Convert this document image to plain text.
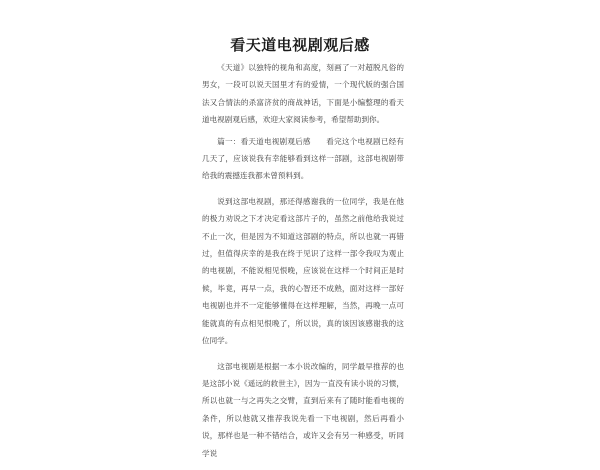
看天道电视剧观后感

《天道》以独特的视角和高度，刻画了一对超脱凡俗的男女，一段可以说天国里才有的爱情，一个现代版的强合国法又合情法的杀富济贫的商战神话，下面是小编整理的看天道电视剧观后感，欢迎大家阅读参考，希望帮助到你。

篇一：看天道电视剧观后感　　看完这个电视剧已经有几天了，应该说我有幸能够看到这样一部剧，这部电视剧带给我的震撼连我都未曾预料到。

说到这部电视剧，那还得感谢我的一位同学，我是在他的极力劝说之下才决定看这部片子的，虽然之前他给我说过不止一次，但是因为不知道这部剧的特点，所以也就一再错过，但值得庆幸的是我在终于见识了这样一部令我叹为观止的电视剧，不能说相见恨晚，应该说在这样一个时间正是时候，毕竟，再早一点，我的心智还不成熟，面对这样一部好电视剧也并不一定能够懂得在这样理解，当然，再晚一点可能就真的有点相见恨晚了，所以说，真的该因该感谢我的这位同学。

这部电视剧是根据一本小说改编的，同学最早推荐的也是这部小说《遥远的救世主》，因为一直没有读小说的习惯，所以也就一与之再失之交臂，直到后来有了随时能看电视的条件，所以他就又推荐我说先看一下电视剧，然后再看小说，那样也是一种不错结合，或许又会有另一种感受，听同学说
